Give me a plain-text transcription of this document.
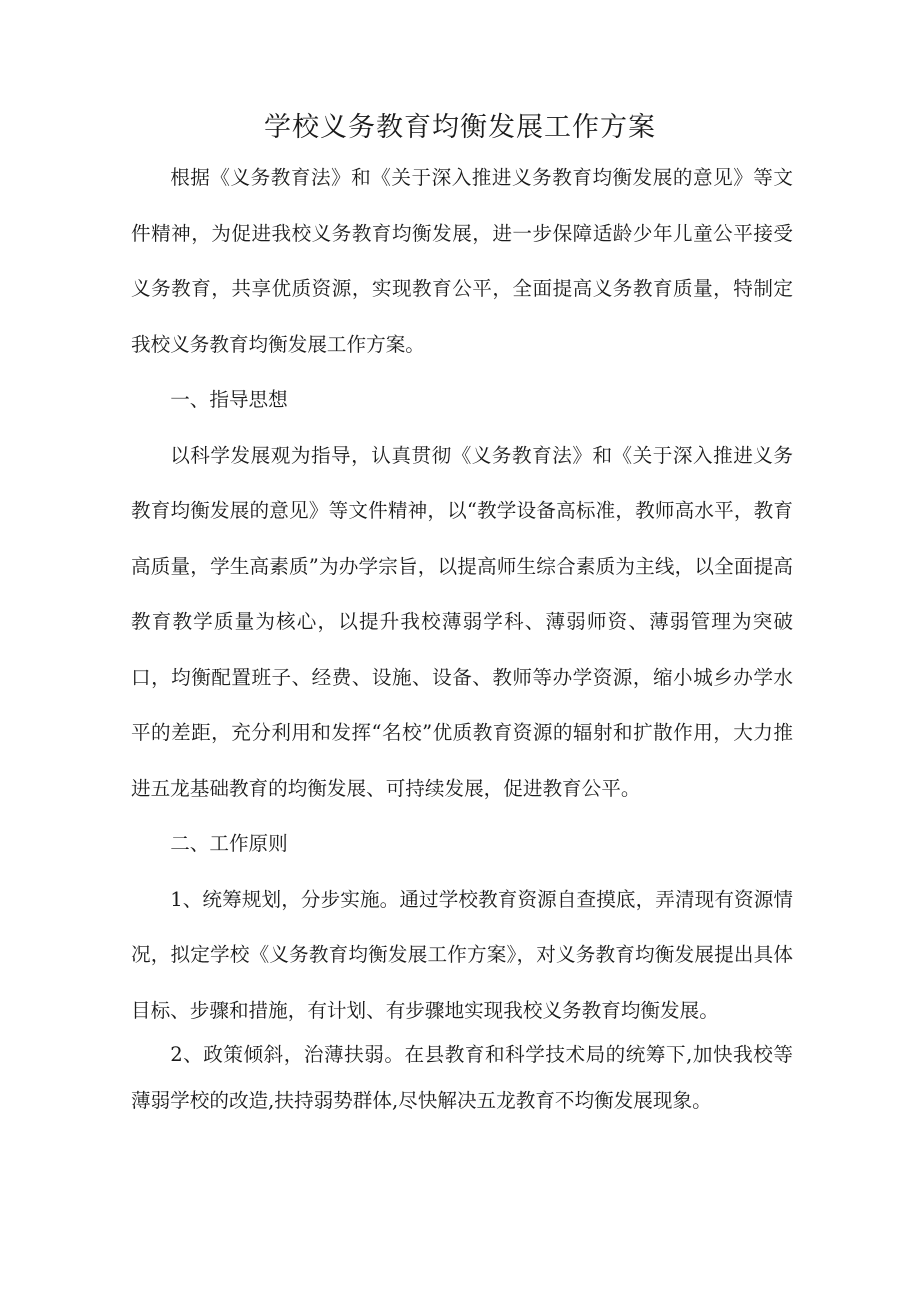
学校义务教育均衡发展工作方案

根据《义务教育法》和《关于深入推进义务教育均衡发展的意见》等文件精神，为促进我校义务教育均衡发展，进一步保障适龄少年儿童公平接受义务教育，共享优质资源，实现教育公平，全面提高义务教育质量，特制定我校义务教育均衡发展工作方案。

一、指导思想

以科学发展观为指导，认真贯彻《义务教育法》和《关于深入推进义务教育均衡发展的意见》等文件精神，以“教学设备高标准，教师高水平，教育高质量，学生高素质”为办学宗旨，以提高师生综合素质为主线，以全面提高教育教学质量为核心，以提升我校薄弱学科、薄弱师资、薄弱管理为突破口，均衡配置班子、经费、设施、设备、教师等办学资源，缩小城乡办学水平的差距，充分利用和发挥“名校”优质教育资源的辐射和扩散作用，大力推进五龙基础教育的均衡发展、可持续发展，促进教育公平。

二、工作原则

1、统筹规划，分步实施。通过学校教育资源自查摸底，弄清现有资源情况，拟定学校《义务教育均衡发展工作方案》，对义务教育均衡发展提出具体目标、步骤和措施，有计划、有步骤地实现我校义务教育均衡发展。

2、政策倾斜，治薄扶弱。在县教育和科学技术局的统筹下,加快我校等薄弱学校的改造,扶持弱势群体,尽快解决五龙教育不均衡发展现象。
